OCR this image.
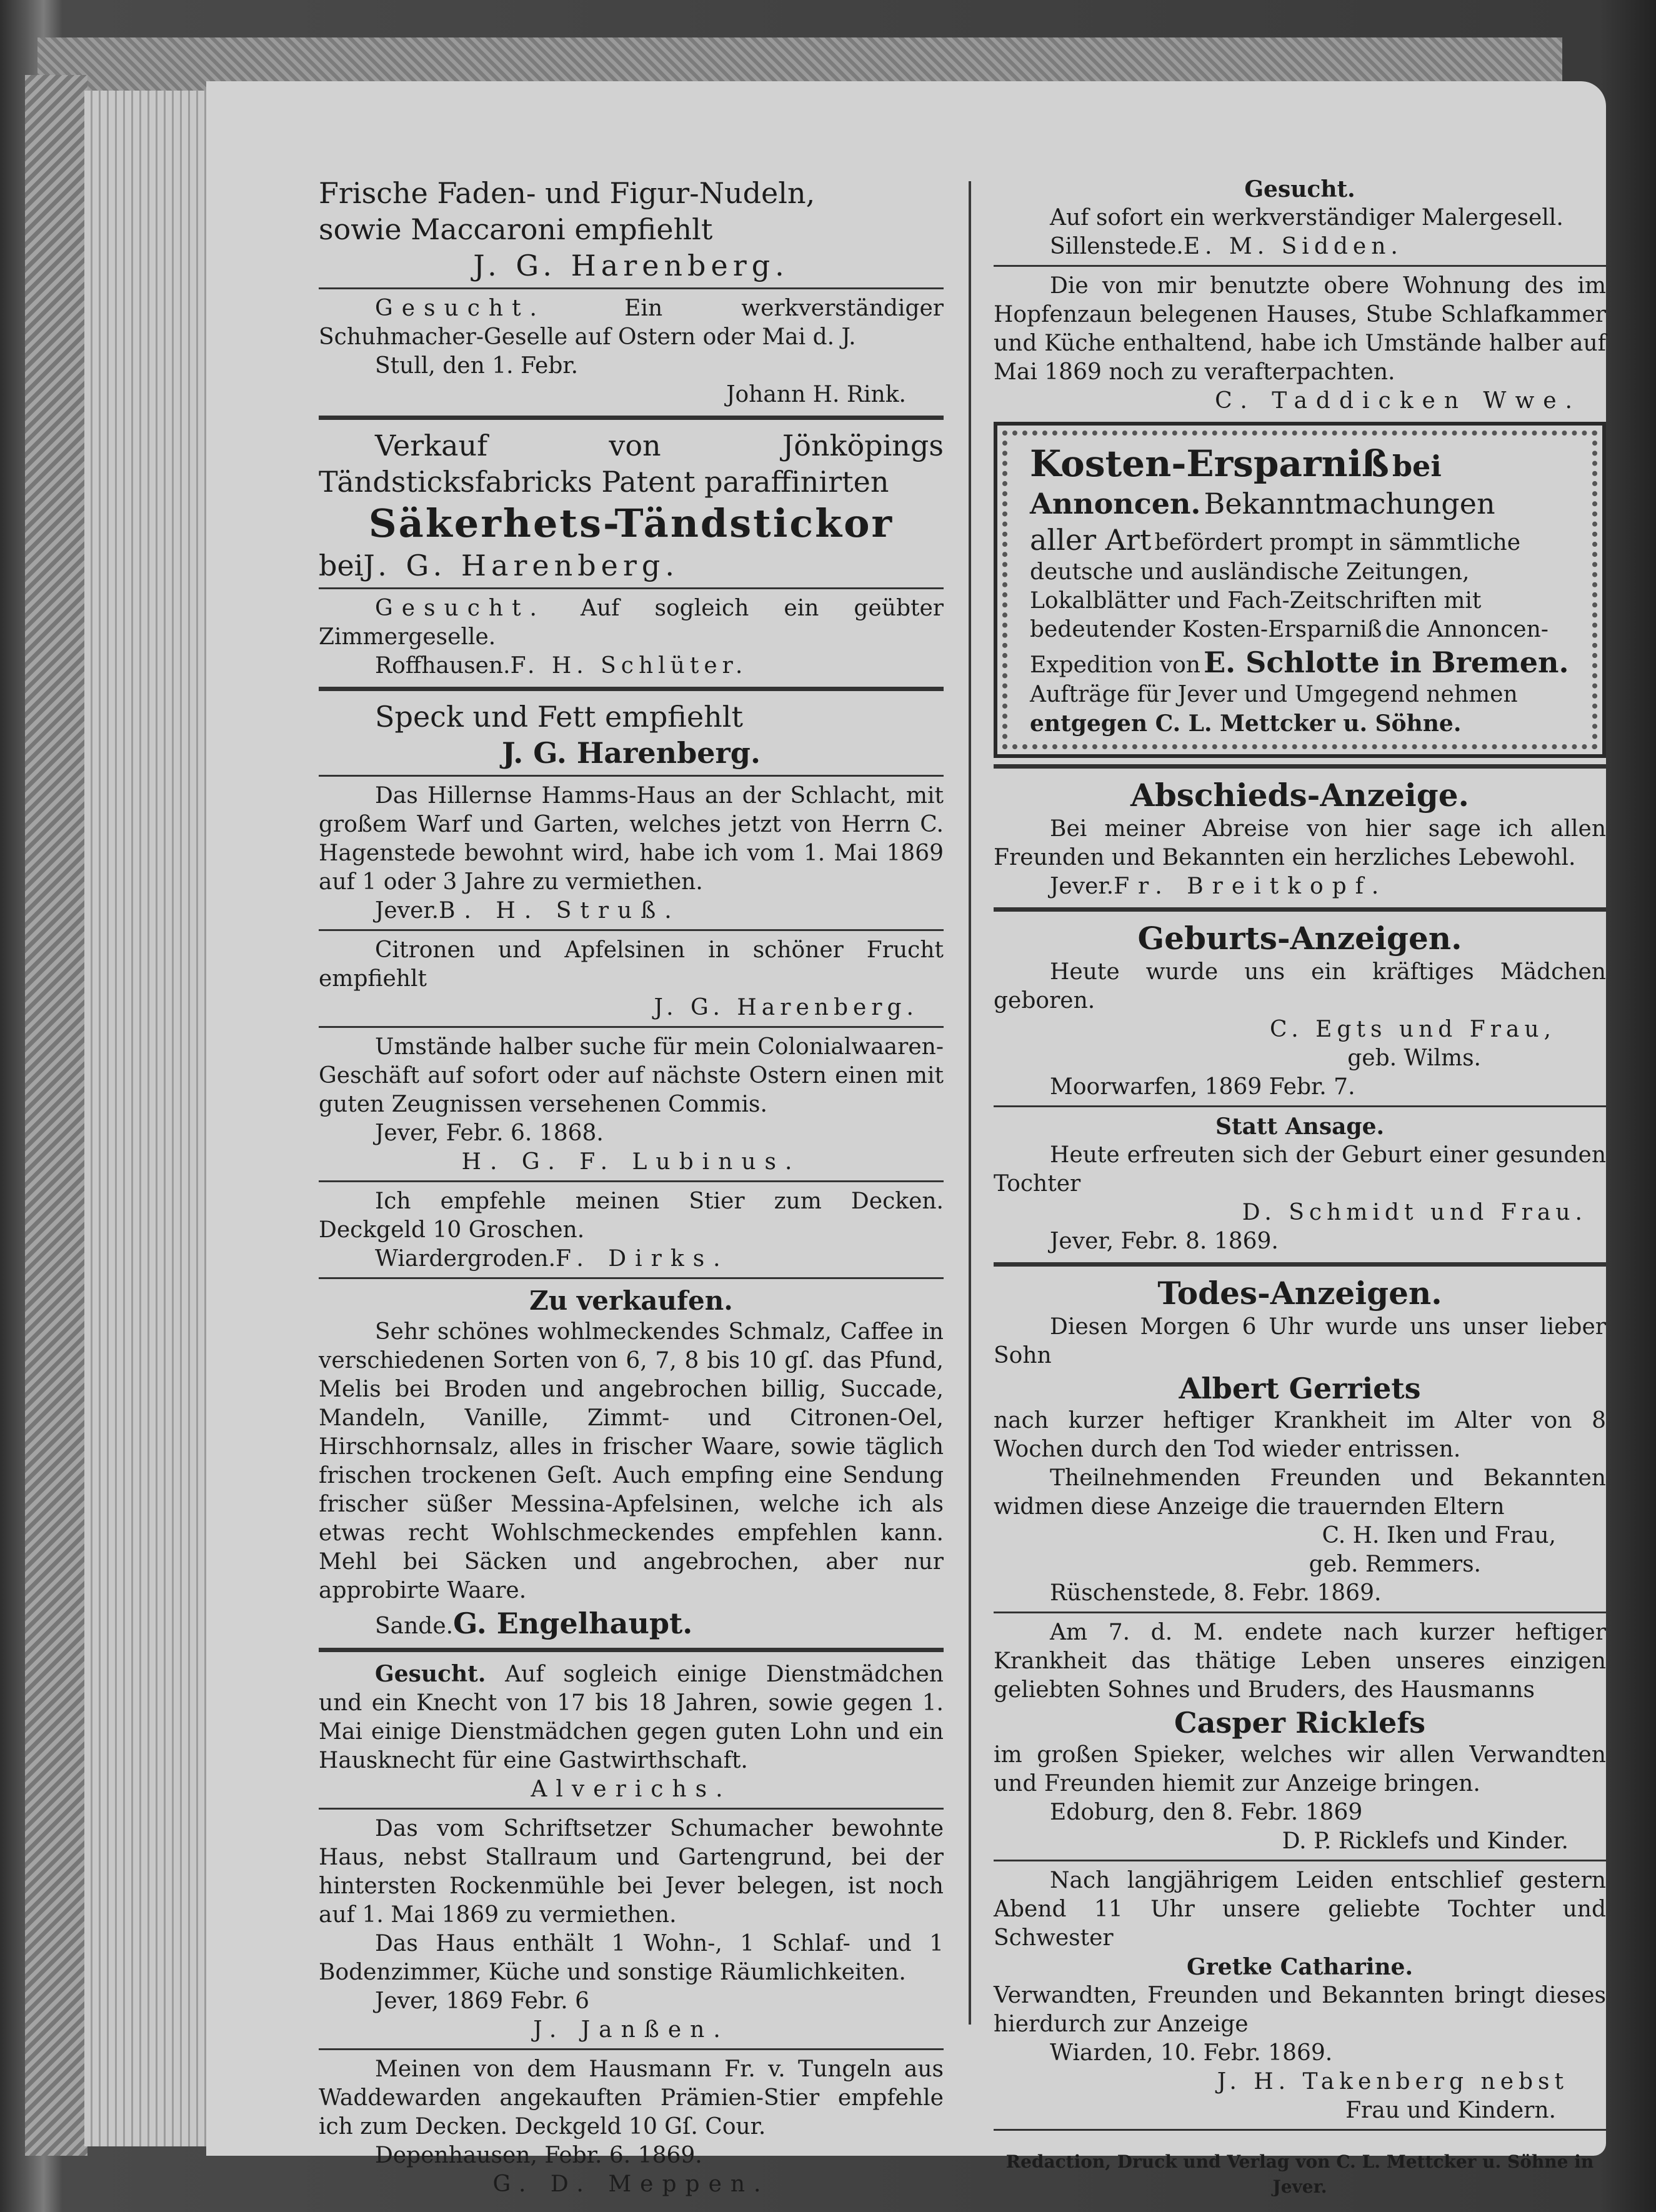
Frische Faden- und Figur-Nudeln,
sowie Maccaroni empfiehlt
J. G. Harenberg.
Gesucht.	Ein werkverständiger Schuhmacher-Geselle auf Ostern oder Mai d. J.
Stull, den 1. Febr.
Johann H. Rink.
Verkauf von Jönköpings Tändsticksfabricks Patent paraffinirten
Säkerhets-Tändstickor
beiJ. G. Harenberg.
Gesucht. Auf sogleich ein geübter Zimmergeselle.
Roffhausen.F. H. Schlüter.
Speck und Fett empfiehlt
J. G. Harenberg.
Das Hillernse Hamms-Haus an der Schlacht, mit großem Warf und Garten, welches jetzt von Herrn C. Hagenstede bewohnt wird, habe ich vom 1. Mai 1869 auf 1 oder 3 Jahre zu vermiethen.
Jever.B. H. Struß.
Citronen und Apfelsinen in schöner Frucht empfiehlt
J. G. Harenberg.
Umstände halber suche für mein Colonialwaaren-Geschäft auf sofort oder auf nächste Ostern einen mit guten Zeugnissen versehenen Commis.
Jever, Febr. 6. 1868.
H. G. F. Lubinus.
Ich empfehle meinen Stier zum Decken. Deckgeld 10 Groschen.
Wiardergroden.F. Dirks.
Zu verkaufen.
Sehr schönes wohlmeckendes Schmalz, Caffee in verschiedenen Sorten von 6, 7, 8 bis 10 gſ. das Pfund, Melis bei Broden und angebrochen billig, Succade, Mandeln, Vanille, Zimmt- und Citronen-Oel, Hirschhornsalz, alles in frischer Waare, sowie täglich frischen trockenen Geſt. Auch empfing eine Sendung frischer süßer Messina-Apfelsinen, welche ich als etwas recht Wohlschmeckendes empfehlen kann. Mehl bei Säcken und angebrochen, aber nur approbirte Waare.
Sande.G. Engelhaupt.
Gesucht. Auf sogleich einige Dienstmädchen und ein Knecht von 17 bis 18 Jahren, sowie gegen 1. Mai einige Dienstmädchen gegen guten Lohn und ein Hausknecht für eine Gastwirthschaft.
Alverichs.
Das vom Schriftsetzer Schumacher bewohnte Haus, nebst Stallraum und Gartengrund, bei der hintersten Rockenmühle bei Jever belegen, ist noch auf 1. Mai 1869 zu vermiethen.
Das Haus enthält 1 Wohn-, 1 Schlaf- und 1 Bodenzimmer, Küche und sonstige Räumlichkeiten.
Jever, 1869 Febr. 6
J. Janßen.
Meinen von dem Hausmann Fr. v. Tungeln aus Waddewarden angekauften Prämien-Stier empfehle ich zum Decken. Deckgeld 10 Gſ. Cour.
Depenhausen, Febr. 6. 1869.
G. D. Meppen.
Gesucht.
Auf sofort ein werkverständiger Malergesell.
Sillenstede.E. M. Sidden.
Die von mir benutzte obere Wohnung des im Hopfenzaun belegenen Hauses, Stube Schlafkammer und Küche enthaltend, habe ich Umstände halber auf Mai 1869 noch zu verafterpachten.
C. Taddicken Wwe.
Kosten-Ersparniß bei Annoncen. Bekanntmachungen aller Art befördert prompt in sämmtliche deutsche und ausländische Zeitungen, Lokalblätter und Fach-Zeitschriften mit bedeutender Kosten-Ersparniß die Annoncen-Expedition von E. Schlotte in Bremen. Aufträge für Jever und Umgegend nehmen entgegen C. L. Mettcker u. Söhne.
Abschieds-Anzeige.
Bei meiner Abreise von hier sage ich allen Freunden und Bekannten ein herzliches Lebewohl.
Jever.Fr. Breitkopf.
Geburts-Anzeigen.
Heute wurde uns ein kräftiges Mädchen geboren.
C. Egts und Frau,
geb. Wilms.
Moorwarfen, 1869 Febr. 7.
Statt Ansage.
Heute erfreuten sich der Geburt einer gesunden Tochter
D. Schmidt und Frau.
Jever, Febr. 8. 1869.
Todes-Anzeigen.
Diesen Morgen 6 Uhr wurde uns unser lieber Sohn
Albert Gerriets
nach kurzer heftiger Krankheit im Alter von 8 Wochen durch den Tod wieder entrissen.
Theilnehmenden Freunden und Bekannten widmen diese Anzeige die trauernden Eltern
C. H. Iken und Frau,
geb. Remmers.
Rüschenstede, 8. Febr. 1869.
Am 7. d. M. endete nach kurzer heftiger Krankheit das thätige Leben unseres einzigen geliebten Sohnes und Bruders, des Hausmanns
Casper Ricklefs
im großen Spieker, welches wir allen Verwandten und Freunden hiemit zur Anzeige bringen.
Edoburg, den 8. Febr. 1869
D. P. Ricklefs und Kinder.
Nach langjährigem Leiden entschlief gestern Abend 11 Uhr unsere geliebte Tochter und Schwester
Gretke Catharine.
Verwandten, Freunden und Bekannten bringt dieses hierdurch zur Anzeige
Wiarden, 10. Febr. 1869.
J. H. Takenberg nebst
Frau und Kindern.
Redaction, Druck und Verlag von C. L. Mettcker u. Söhne in Jever.
